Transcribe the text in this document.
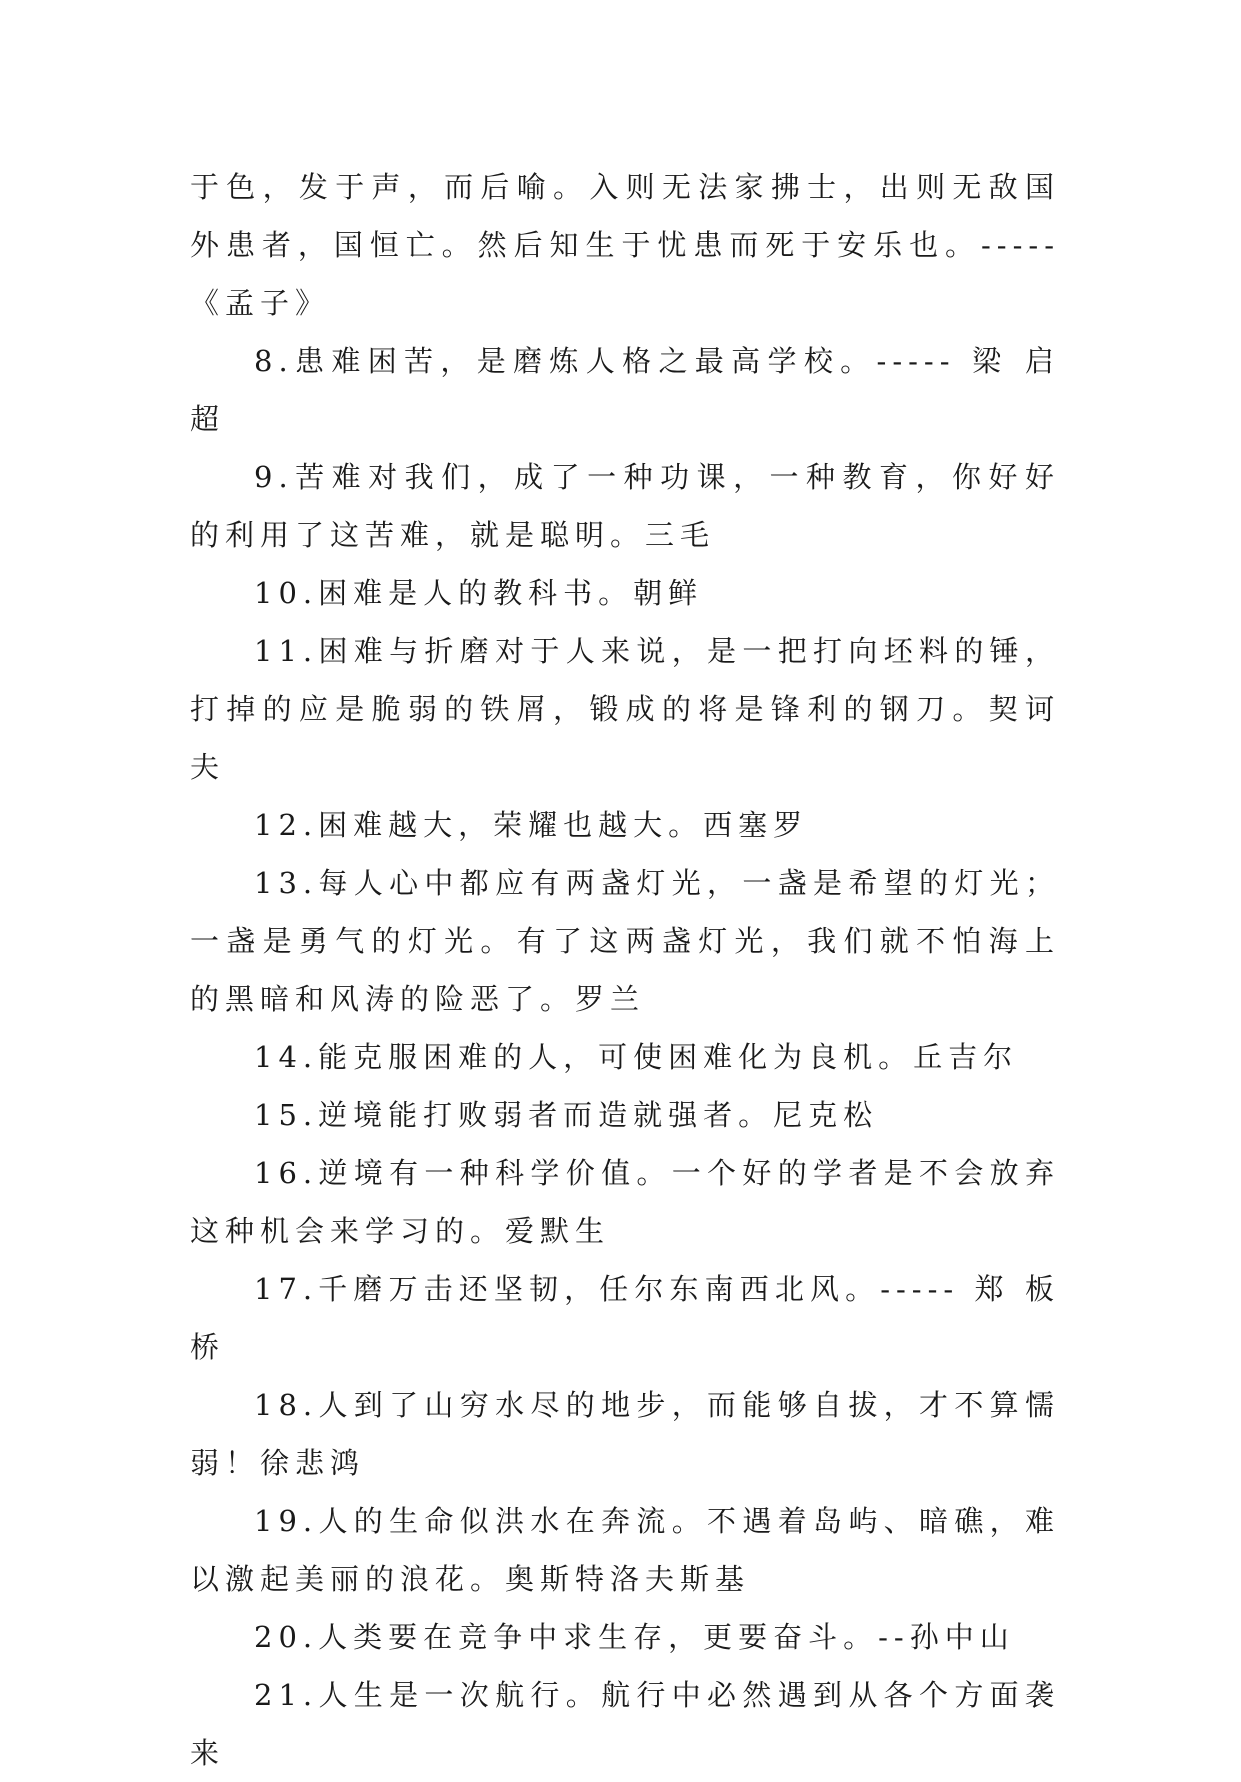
于色，发于声，而后喻。入则无法家拂士，出则无敌国外患者，国恒亡。然后知生于忧患而死于安乐也。----- 《孟子》

8.患难困苦，是磨炼人格之最高学校。----- 梁 启 超

9.苦难对我们，成了一种功课，一种教育，你好好的利用了这苦难，就是聪明。三毛

10.困难是人的教科书。朝鲜

11.困难与折磨对于人来说，是一把打向坯料的锤，打掉的应是脆弱的铁屑，锻成的将是锋利的钢刀。契诃夫

12.困难越大，荣耀也越大。西塞罗

13.每人心中都应有两盏灯光，一盏是希望的灯光；一盏是勇气的灯光。有了这两盏灯光，我们就不怕海上的黑暗和风涛的险恶了。罗兰

14.能克服困难的人，可使困难化为良机。丘吉尔

15.逆境能打败弱者而造就强者。尼克松

16.逆境有一种科学价值。一个好的学者是不会放弃这种机会来学习的。爱默生

17.千磨万击还坚韧，任尔东南西北风。----- 郑 板 桥

18.人到了山穷水尽的地步，而能够自拔，才不算懦弱！徐悲鸿

19.人的生命似洪水在奔流。不遇着岛屿、暗礁，难以激起美丽的浪花。奥斯特洛夫斯基

20.人类要在竞争中求生存，更要奋斗。--孙中山

21.人生是一次航行。航行中必然遇到从各个方面袭来
